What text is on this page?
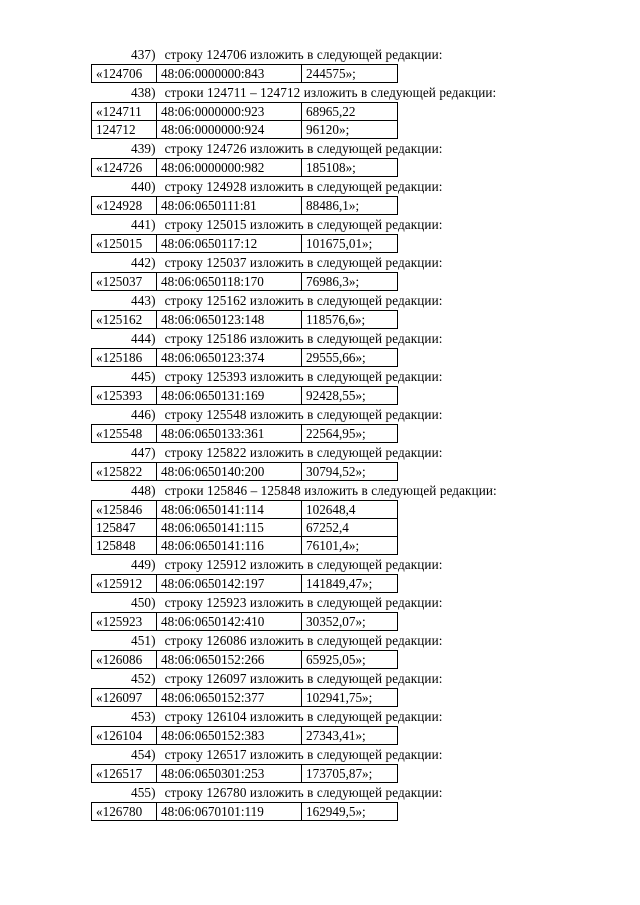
437) строку 124706 изложить в следующей редакции:
«124706	48:06:0000000:843	244575»;
438) строки 124711 – 124712 изложить в следующей редакции:
«124711	48:06:0000000:923	68965,22
124712	48:06:0000000:924	96120»;
439) строку 124726 изложить в следующей редакции:
«124726	48:06:0000000:982	185108»;
440) строку 124928 изложить в следующей редакции:
«124928	48:06:0650111:81	88486,1»;
441) строку 125015 изложить в следующей редакции:
«125015	48:06:0650117:12	101675,01»;
442) строку 125037 изложить в следующей редакции:
«125037	48:06:0650118:170	76986,3»;
443) строку 125162 изложить в следующей редакции:
«125162	48:06:0650123:148	118576,6»;
444) строку 125186 изложить в следующей редакции:
«125186	48:06:0650123:374	29555,66»;
445) строку 125393 изложить в следующей редакции:
«125393	48:06:0650131:169	92428,55»;
446) строку 125548 изложить в следующей редакции:
«125548	48:06:0650133:361	22564,95»;
447) строку 125822 изложить в следующей редакции:
«125822	48:06:0650140:200	30794,52»;
448) строки 125846 – 125848 изложить в следующей редакции:
«125846	48:06:0650141:114	102648,4
125847	48:06:0650141:115	67252,4
125848	48:06:0650141:116	76101,4»;
449) строку 125912 изложить в следующей редакции:
«125912	48:06:0650142:197	141849,47»;
450) строку 125923 изложить в следующей редакции:
«125923	48:06:0650142:410	30352,07»;
451) строку 126086 изложить в следующей редакции:
«126086	48:06:0650152:266	65925,05»;
452) строку 126097 изложить в следующей редакции:
«126097	48:06:0650152:377	102941,75»;
453) строку 126104 изложить в следующей редакции:
«126104	48:06:0650152:383	27343,41»;
454) строку 126517 изложить в следующей редакции:
«126517	48:06:0650301:253	173705,87»;
455) строку 126780 изложить в следующей редакции:
«126780	48:06:0670101:119	162949,5»;
